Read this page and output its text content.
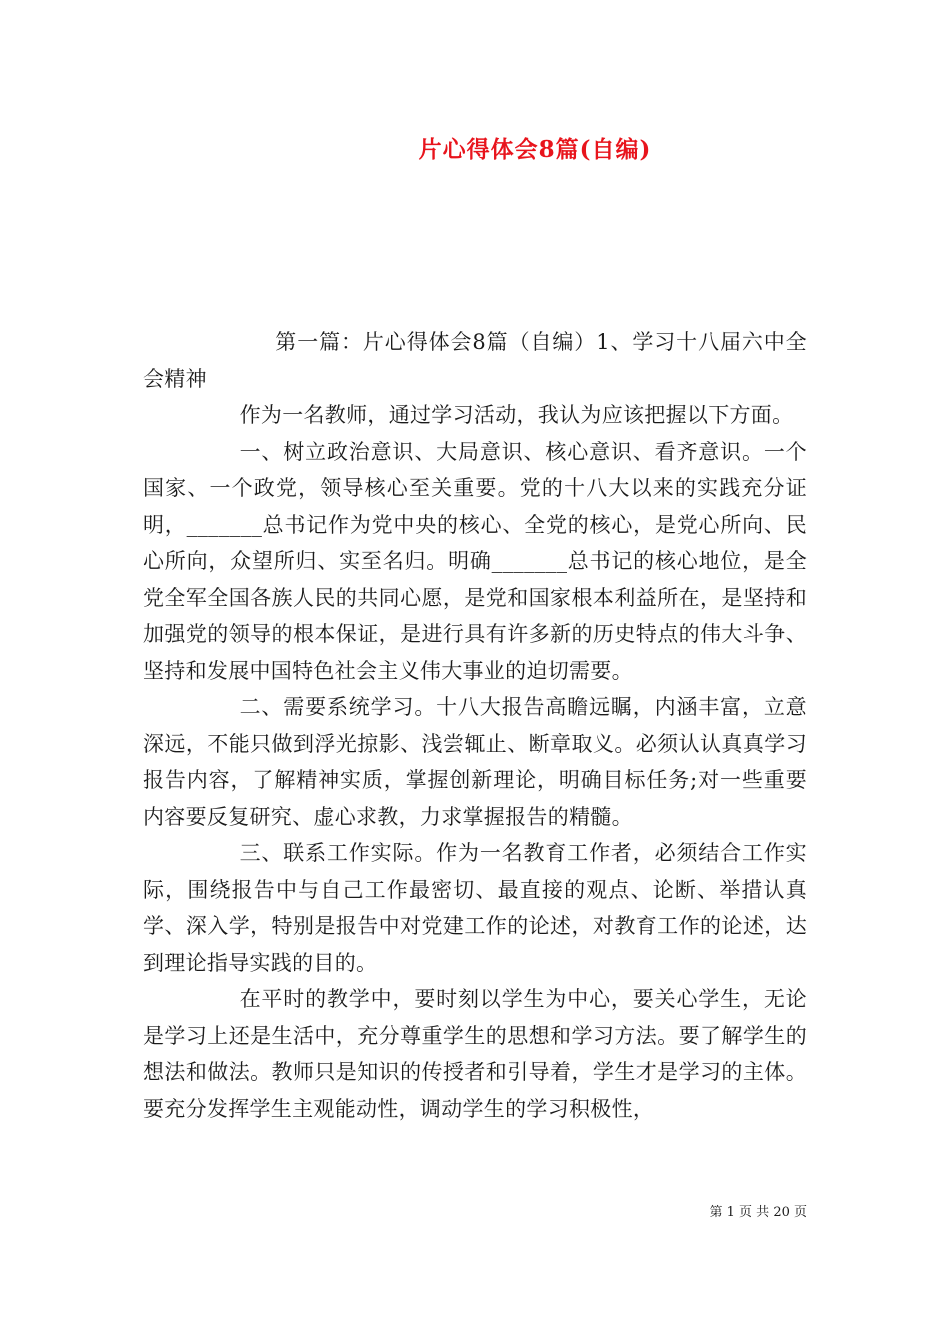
片心得体会8篇(自编)

第一篇：片心得体会8篇（自编）1、学习十八届六中全会精神

作为一名教师，通过学习活动，我认为应该把握以下方面。

一、树立政治意识、大局意识、核心意识、看齐意识。一个国家、一个政党，领导核心至关重要。党的十八大以来的实践充分证明，_______总书记作为党中央的核心、全党的核心，是党心所向、民心所向，众望所归、实至名归。明确_______总书记的核心地位，是全党全军全国各族人民的共同心愿，是党和国家根本利益所在，是坚持和加强党的领导的根本保证，是进行具有许多新的历史特点的伟大斗争、坚持和发展中国特色社会主义伟大事业的迫切需要。

二、需要系统学习。十八大报告高瞻远瞩，内涵丰富，立意深远，不能只做到浮光掠影、浅尝辄止、断章取义。必须认认真真学习报告内容，了解精神实质，掌握创新理论，明确目标任务;对一些重要内容要反复研究、虚心求教，力求掌握报告的精髓。

三、联系工作实际。作为一名教育工作者，必须结合工作实际，围绕报告中与自己工作最密切、最直接的观点、论断、举措认真学、深入学，特别是报告中对党建工作的论述，对教育工作的论述，达到理论指导实践的目的。

在平时的教学中，要时刻以学生为中心，要关心学生，无论是学习上还是生活中，充分尊重学生的思想和学习方法。要了解学生的想法和做法。教师只是知识的传授者和引导着，学生才是学习的主体。要充分发挥学生主观能动性，调动学生的学习积极性，

第 1 页 共 20 页
